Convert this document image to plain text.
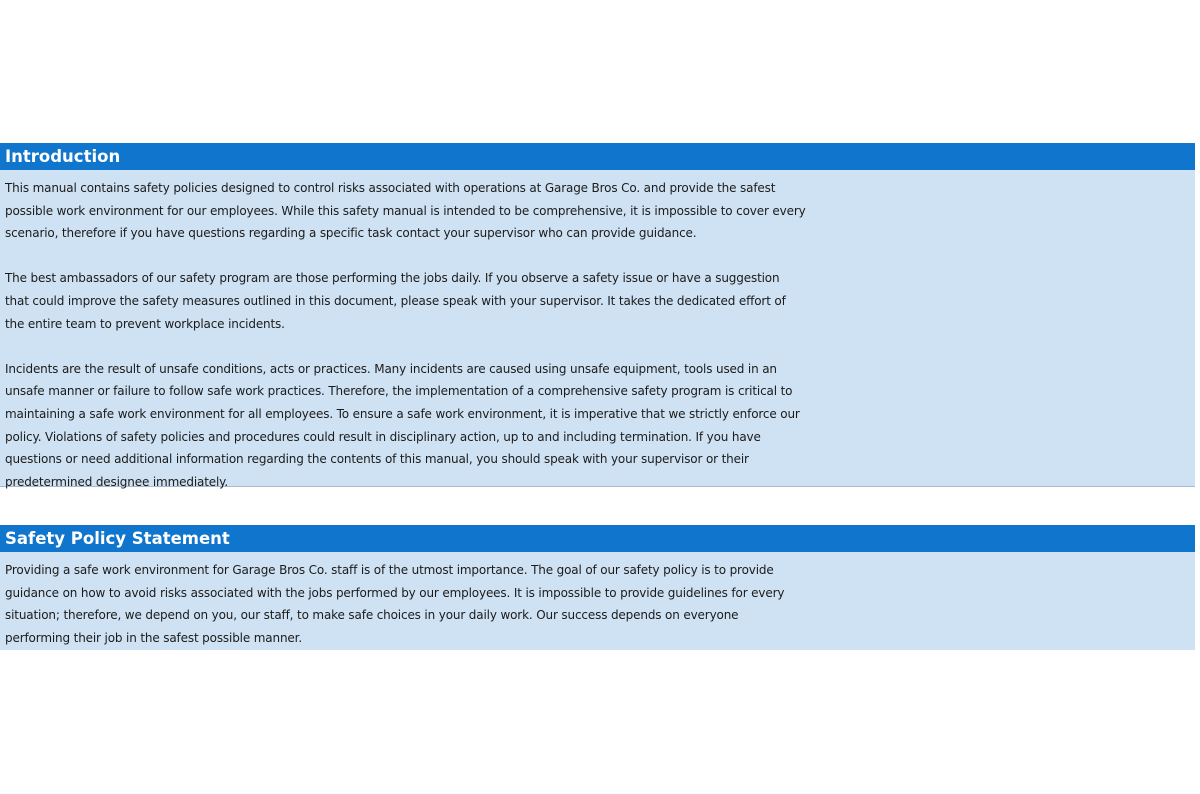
Introduction

This manual contains safety policies designed to control risks associated with operations at Garage Bros Co. and provide the safest
possible work environment for our employees. While this safety manual is intended to be comprehensive, it is impossible to cover every
scenario, therefore if you have questions regarding a specific task contact your supervisor who can provide guidance.

The best ambassadors of our safety program are those performing the jobs daily. If you observe a safety issue or have a suggestion
that could improve the safety measures outlined in this document, please speak with your supervisor. It takes the dedicated effort of
the entire team to prevent workplace incidents.

Incidents are the result of unsafe conditions, acts or practices. Many incidents are caused using unsafe equipment, tools used in an
unsafe manner or failure to follow safe work practices. Therefore, the implementation of a comprehensive safety program is critical to
maintaining a safe work environment for all employees. To ensure a safe work environment, it is imperative that we strictly enforce our
policy. Violations of safety policies and procedures could result in disciplinary action, up to and including termination. If you have
questions or need additional information regarding the contents of this manual, you should speak with your supervisor or their
predetermined designee immediately.

Safety Policy Statement

Providing a safe work environment for Garage Bros Co. staff is of the utmost importance. The goal of our safety policy is to provide
guidance on how to avoid risks associated with the jobs performed by our employees. It is impossible to provide guidelines for every
situation; therefore, we depend on you, our staff, to make safe choices in your daily work. Our success depends on everyone
performing their job in the safest possible manner.
